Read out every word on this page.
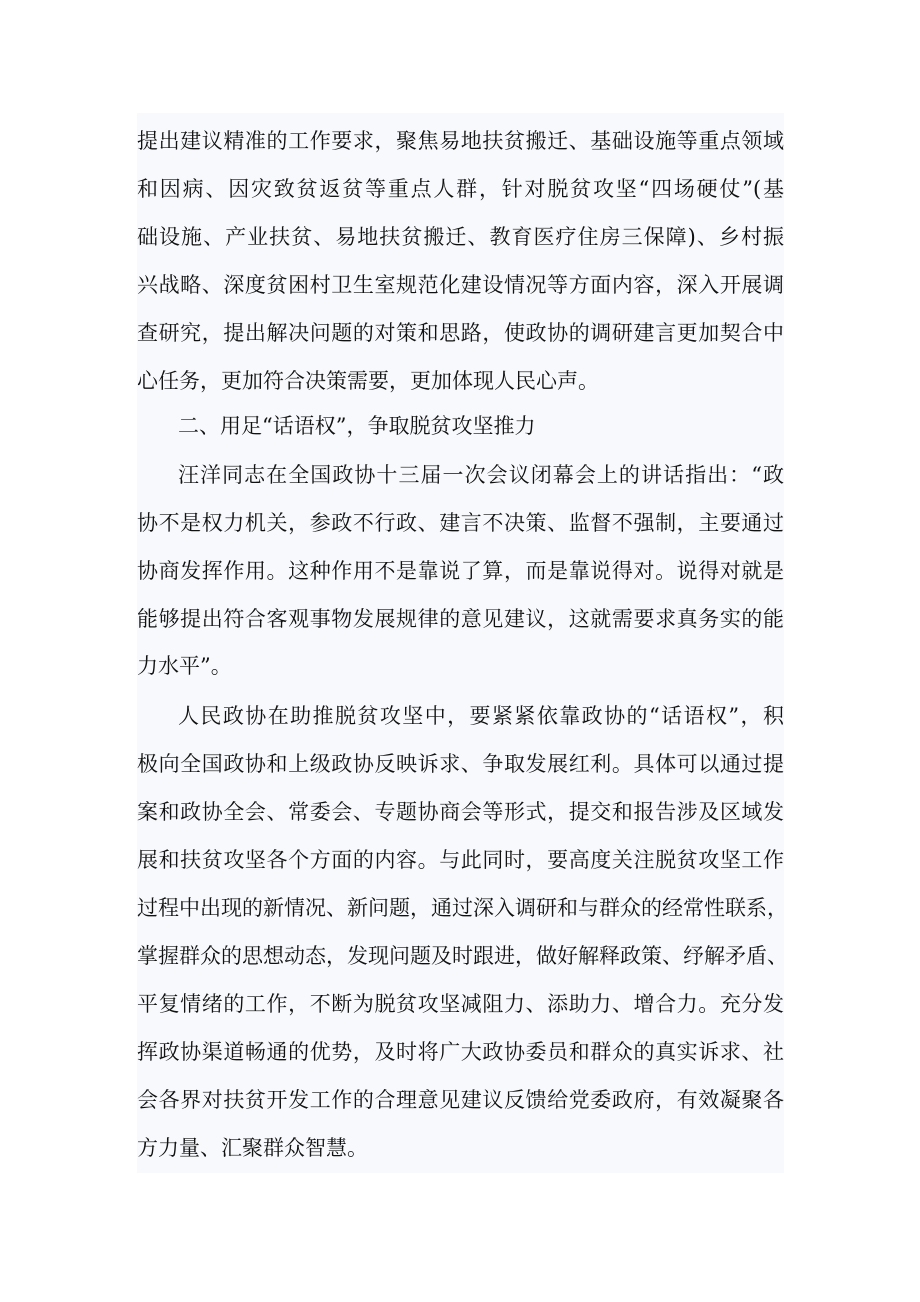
提出建议精准的工作要求，聚焦易地扶贫搬迁、基础设施等重点领域
和因病、因灾致贫返贫等重点人群，针对脱贫攻坚“四场硬仗”(基
础设施、产业扶贫、易地扶贫搬迁、教育医疗住房三保障)、乡村振
兴战略、深度贫困村卫生室规范化建设情况等方面内容，深入开展调
查研究，提出解决问题的对策和思路，使政协的调研建言更加契合中
心任务，更加符合决策需要，更加体现人民心声。
二、用足“话语权”，争取脱贫攻坚推力
汪洋同志在全国政协十三届一次会议闭幕会上的讲话指出：“政
协不是权力机关，参政不行政、建言不决策、监督不强制，主要通过
协商发挥作用。这种作用不是靠说了算，而是靠说得对。说得对就是
能够提出符合客观事物发展规律的意见建议，这就需要求真务实的能
力水平”。
人民政协在助推脱贫攻坚中，要紧紧依靠政协的“话语权”，积
极向全国政协和上级政协反映诉求、争取发展红利。具体可以通过提
案和政协全会、常委会、专题协商会等形式，提交和报告涉及区域发
展和扶贫攻坚各个方面的内容。与此同时，要高度关注脱贫攻坚工作
过程中出现的新情况、新问题，通过深入调研和与群众的经常性联系，
掌握群众的思想动态，发现问题及时跟进，做好解释政策、纾解矛盾、
平复情绪的工作，不断为脱贫攻坚减阻力、添助力、增合力。充分发
挥政协渠道畅通的优势，及时将广大政协委员和群众的真实诉求、社
会各界对扶贫开发工作的合理意见建议反馈给党委政府，有效凝聚各
方力量、汇聚群众智慧。
